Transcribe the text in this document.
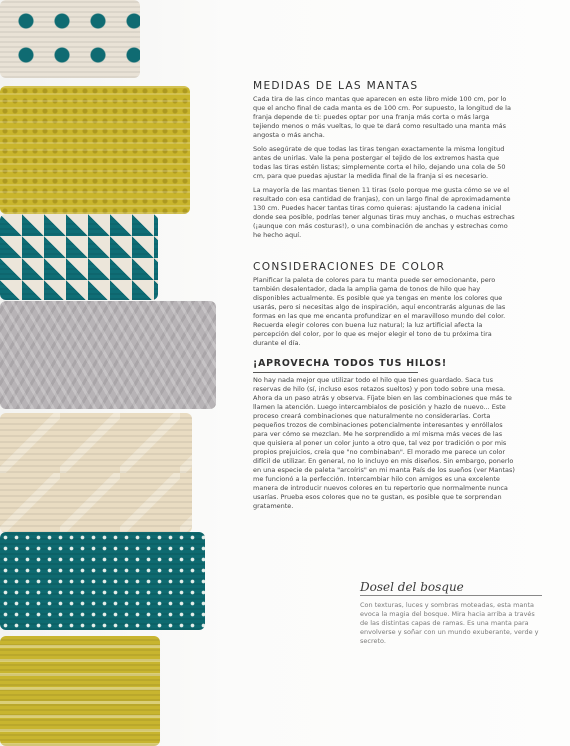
MEDIDAS DE LAS MANTAS

Cada tira de las cinco mantas que aparecen en este libro mide 100 cm, por lo que el ancho final de cada manta es de 100 cm. Por supuesto, la longitud de la franja depende de ti: puedes optar por una franja más corta o más larga tejiendo menos o más vueltas, lo que te dará como resultado una manta más angosta o más ancha.

Solo asegúrate de que todas las tiras tengan exactamente la misma longitud antes de unirlas. Vale la pena postergar el tejido de los extremos hasta que todas las tiras estén listas; simplemente corta el hilo, dejando una cola de 50 cm, para que puedas ajustar la medida final de la franja si es necesario.

La mayoría de las mantas tienen 11 tiras (solo porque me gusta cómo se ve el resultado con esa cantidad de franjas), con un largo final de aproximadamente 130 cm. Puedes hacer tantas tiras como quieras: ajustando la cadena inicial donde sea posible, podrías tener algunas tiras muy anchas, o muchas estrechas (¡aunque con más costuras!), o una combinación de anchas y estrechas como he hecho aquí.

CONSIDERACIONES DE COLOR

Planificar la paleta de colores para tu manta puede ser emocionante, pero también desalentador, dada la amplia gama de tonos de hilo que hay disponibles actualmente. Es posible que ya tengas en mente los colores que usarás, pero si necesitas algo de inspiración, aquí encontrarás algunas de las formas en las que me encanta profundizar en el maravilloso mundo del color. Recuerda elegir colores con buena luz natural; la luz artificial afecta la percepción del color, por lo que es mejor elegir el tono de tu próxima tira durante el día.

¡APROVECHA TODOS TUS HILOS!

No hay nada mejor que utilizar todo el hilo que tienes guardado. Saca tus reservas de hilo (sí, incluso esos retazos sueltos) y pon todo sobre una mesa. Ahora da un paso atrás y observa. Fíjate bien en las combinaciones que más te llamen la atención. Luego intercambialos de posición y hazlo de nuevo... Este proceso creará combinaciones que naturalmente no considerarías. Corta pequeños trozos de combinaciones potencialmente interesantes y enróllalos para ver cómo se mezclan. Me he sorprendido a mí misma más veces de las que quisiera al poner un color junto a otro que, tal vez por tradición o por mis propios prejuicios, creía que "no combinaban". El morado me parece un color difícil de utilizar. En general, no lo incluyo en mis diseños. Sin embargo, ponerlo en una especie de paleta "arcoíris" en mi manta País de los sueños (ver Mantas) me funcionó a la perfección. Intercambiar hilo con amigos es una excelente manera de introducir nuevos colores en tu repertorio que normalmente nunca usarías. Prueba esos colores que no te gustan, es posible que te sorprendan gratamente.

Dosel del bosque

Con texturas, luces y sombras moteadas, esta manta evoca la magia del bosque. Mira hacia arriba a través de las distintas capas de ramas. Es una manta para envolverse y soñar con un mundo exuberante, verde y secreto.
